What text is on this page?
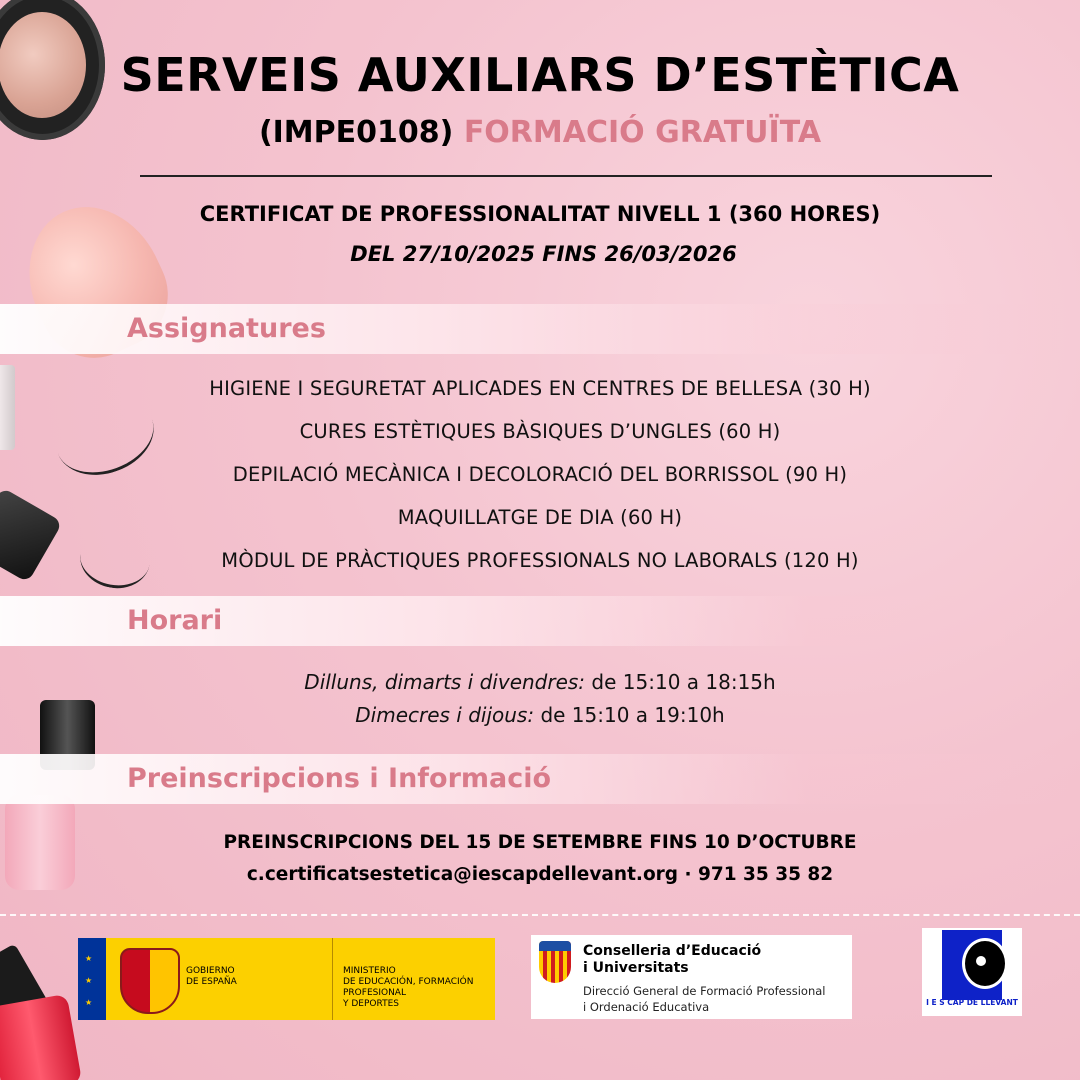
SERVEIS AUXILIARS D’ESTÈTICA
(IMPE0108) FORMACIÓ GRATUÏTA
CERTIFICAT DE PROFESSIONALITAT NIVELL 1 (360 HORES)
DEL 27/10/2025 FINS 26/03/2026
Assignatures
HIGIENE I SEGURETAT APLICADES EN CENTRES DE BELLESA (30 H)
CURES ESTÈTIQUES BÀSIQUES D’UNGLES (60 H)
DEPILACIÓ MECÀNICA I DECOLORACIÓ DEL BORRISSOL (90 H)
MAQUILLATGE DE DIA (60 H)
MÒDUL DE PRÀCTIQUES PROFESSIONALS NO LABORALS (120 H)
Horari
Dilluns, dimarts i divendres: de 15:10 a 18:15h
Dimecres i dijous: de 15:10 a 19:10h
Preinscripcions i Informació
PREINSCRIPCIONS DEL 15 DE SETEMBRE FINS 10 D’OCTUBRE
c.certificatsestetica@iescapdellevant.org · 971 35 35 82
★ ★ ★
GOBIERNO
DE ESPAÑA
MINISTERIO
DE EDUCACIÓN, FORMACIÓN PROFESIONAL
Y DEPORTES
Conselleria d’Educació
i Universitats
Direcció General de Formació Professional
i Ordenació Educativa	I E S CAP DE LLEVANT
